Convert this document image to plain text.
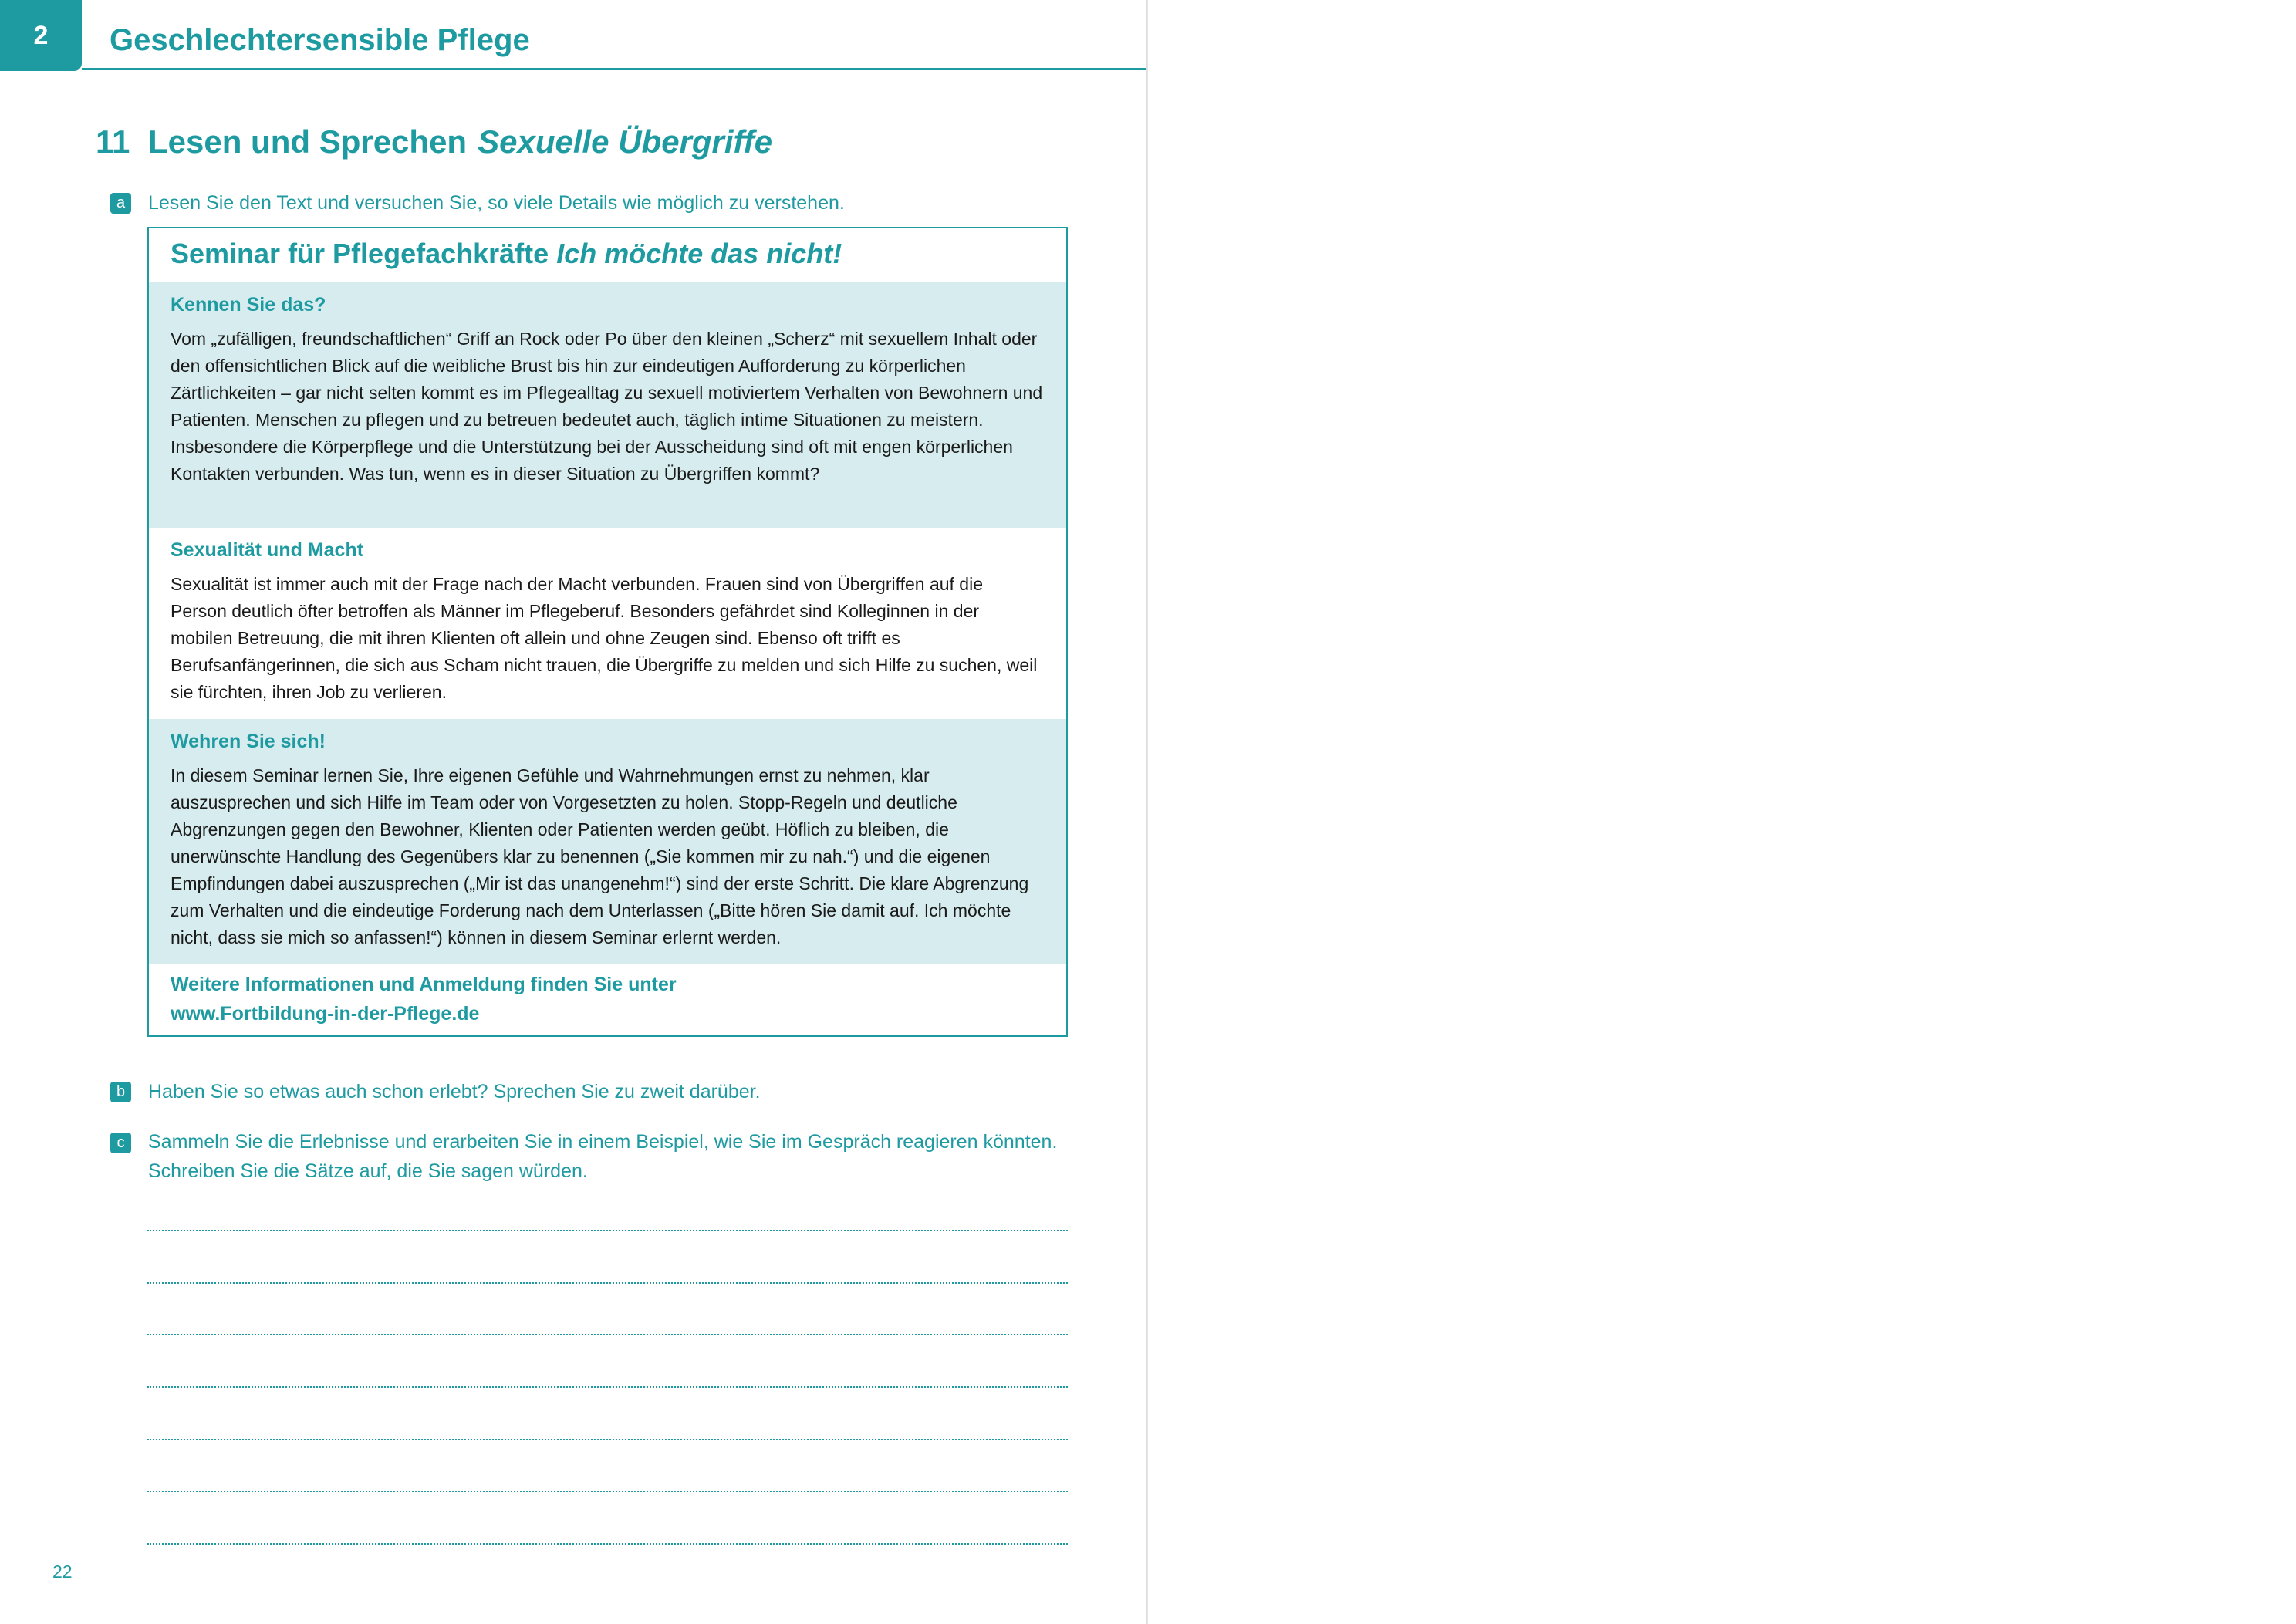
2	Geschlechtersensible Pflege
11 Lesen und Sprechen Sexuelle Übergriffe
a	Lesen Sie den Text und versuchen Sie, so viele Details wie möglich zu verstehen.
Seminar für Pflegefachkräfte Ich möchte das nicht!
Kennen Sie das?

Vom „zufälligen, freundschaftlichen“ Griff an Rock oder Po über den kleinen „Scherz“ mit sexuellem Inhalt oder den offensichtlichen Blick auf die weibliche Brust bis hin zur eindeutigen Aufforderung zu körperlichen Zärtlichkeiten – gar nicht selten kommt es im Pflegealltag zu sexuell motiviertem Verhalten von Bewohnern und Patienten. Menschen zu pflegen und zu betreuen bedeutet auch, täglich intime Situationen zu meistern. Insbesondere die Körperpflege und die Unterstützung bei der Ausscheidung sind oft mit engen körperlichen Kontakten verbunden. Was tun, wenn es in dieser Situation zu Übergriffen kommt?

Sexualität und Macht

Sexualität ist immer auch mit der Frage nach der Macht verbunden. Frauen sind von Übergriffen auf die Person deutlich öfter betroffen als Männer im Pflegeberuf. Besonders gefährdet sind Kolleginnen in der mobilen Betreuung, die mit ihren Klienten oft allein und ohne Zeugen sind. Ebenso oft trifft es Berufsanfängerinnen, die sich aus Scham nicht trauen, die Übergriffe zu melden und sich Hilfe zu suchen, weil sie fürchten, ihren Job zu verlieren.

Wehren Sie sich!

In diesem Seminar lernen Sie, Ihre eigenen Gefühle und Wahrnehmungen ernst zu nehmen, klar auszusprechen und sich Hilfe im Team oder von Vorgesetzten zu holen. Stopp-Regeln und deutliche Abgrenzungen gegen den Bewohner, Klienten oder Patienten werden geübt. Höflich zu bleiben, die unerwünschte Handlung des Gegenübers klar zu benennen („Sie kommen mir zu nah.“) und die eigenen Empfindungen dabei auszusprechen („Mir ist das unangenehm!“) sind der erste Schritt. Die klare Abgrenzung zum Verhalten und die eindeutige Forderung nach dem Unterlassen („Bitte hören Sie damit auf. Ich möchte nicht, dass sie mich so anfassen!“) können in diesem Seminar erlernt werden.

Weitere Informationen und Anmeldung finden Sie unter
www.Fortbildung-in-der-Pflege.de
b	Haben Sie so etwas auch schon erlebt? Sprechen Sie zu zweit darüber.
c	Sammeln Sie die Erlebnisse und erarbeiten Sie in einem Beispiel, wie Sie im Gespräch reagieren könnten.
Schreiben Sie die Sätze auf, die Sie sagen würden.
22
